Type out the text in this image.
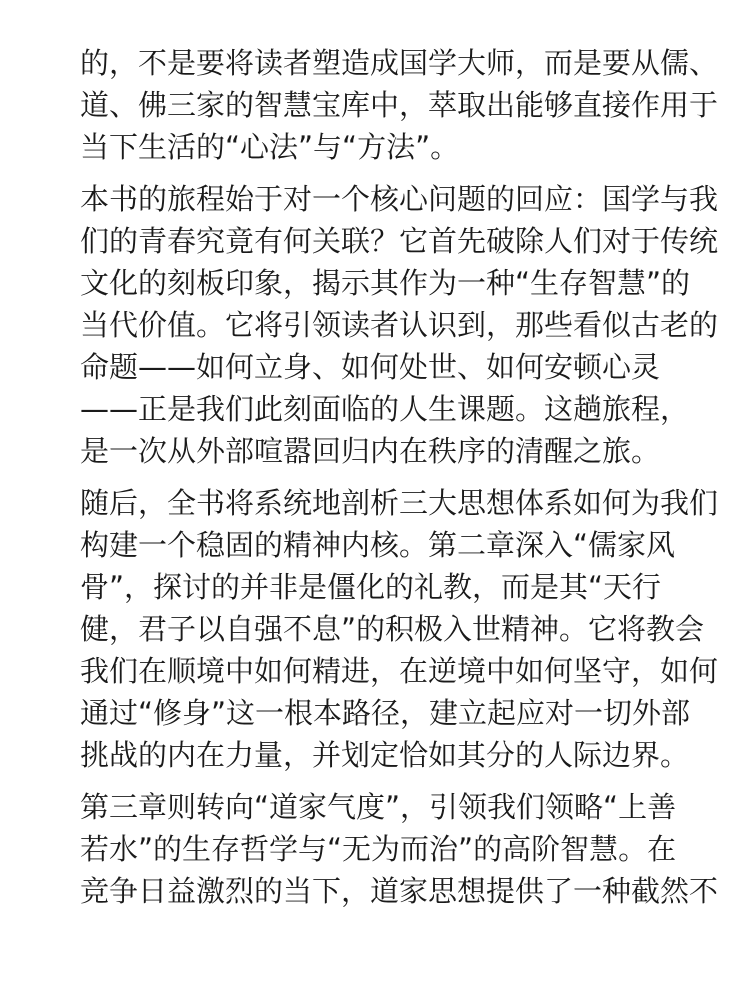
的，不是要将读者塑造成国学大师，而是要从儒、
道、佛三家的智慧宝库中，萃取出能够直接作用于
当下生活的“心法”与“方法”。
本书的旅程始于对一个核心问题的回应：国学与我
们的青春究竟有何关联？它首先破除人们对于传统
文化的刻板印象，揭示其作为一种“生存智慧”的
当代价值。它将引领读者认识到，那些看似古老的
命题——如何立身、如何处世、如何安顿心灵
——正是我们此刻面临的人生课题。这趟旅程，
是一次从外部喧嚣回归内在秩序的清醒之旅。
随后，全书将系统地剖析三大思想体系如何为我们
构建一个稳固的精神内核。第二章深入“儒家风
骨”，探讨的并非是僵化的礼教，而是其“天行
健，君子以自强不息”的积极入世精神。它将教会
我们在顺境中如何精进，在逆境中如何坚守，如何
通过“修身”这一根本路径，建立起应对一切外部
挑战的内在力量，并划定恰如其分的人际边界。
第三章则转向“道家气度”，引领我们领略“上善
若水”的生存哲学与“无为而治”的高阶智慧。在
竞争日益激烈的当下，道家思想提供了一种截然不
